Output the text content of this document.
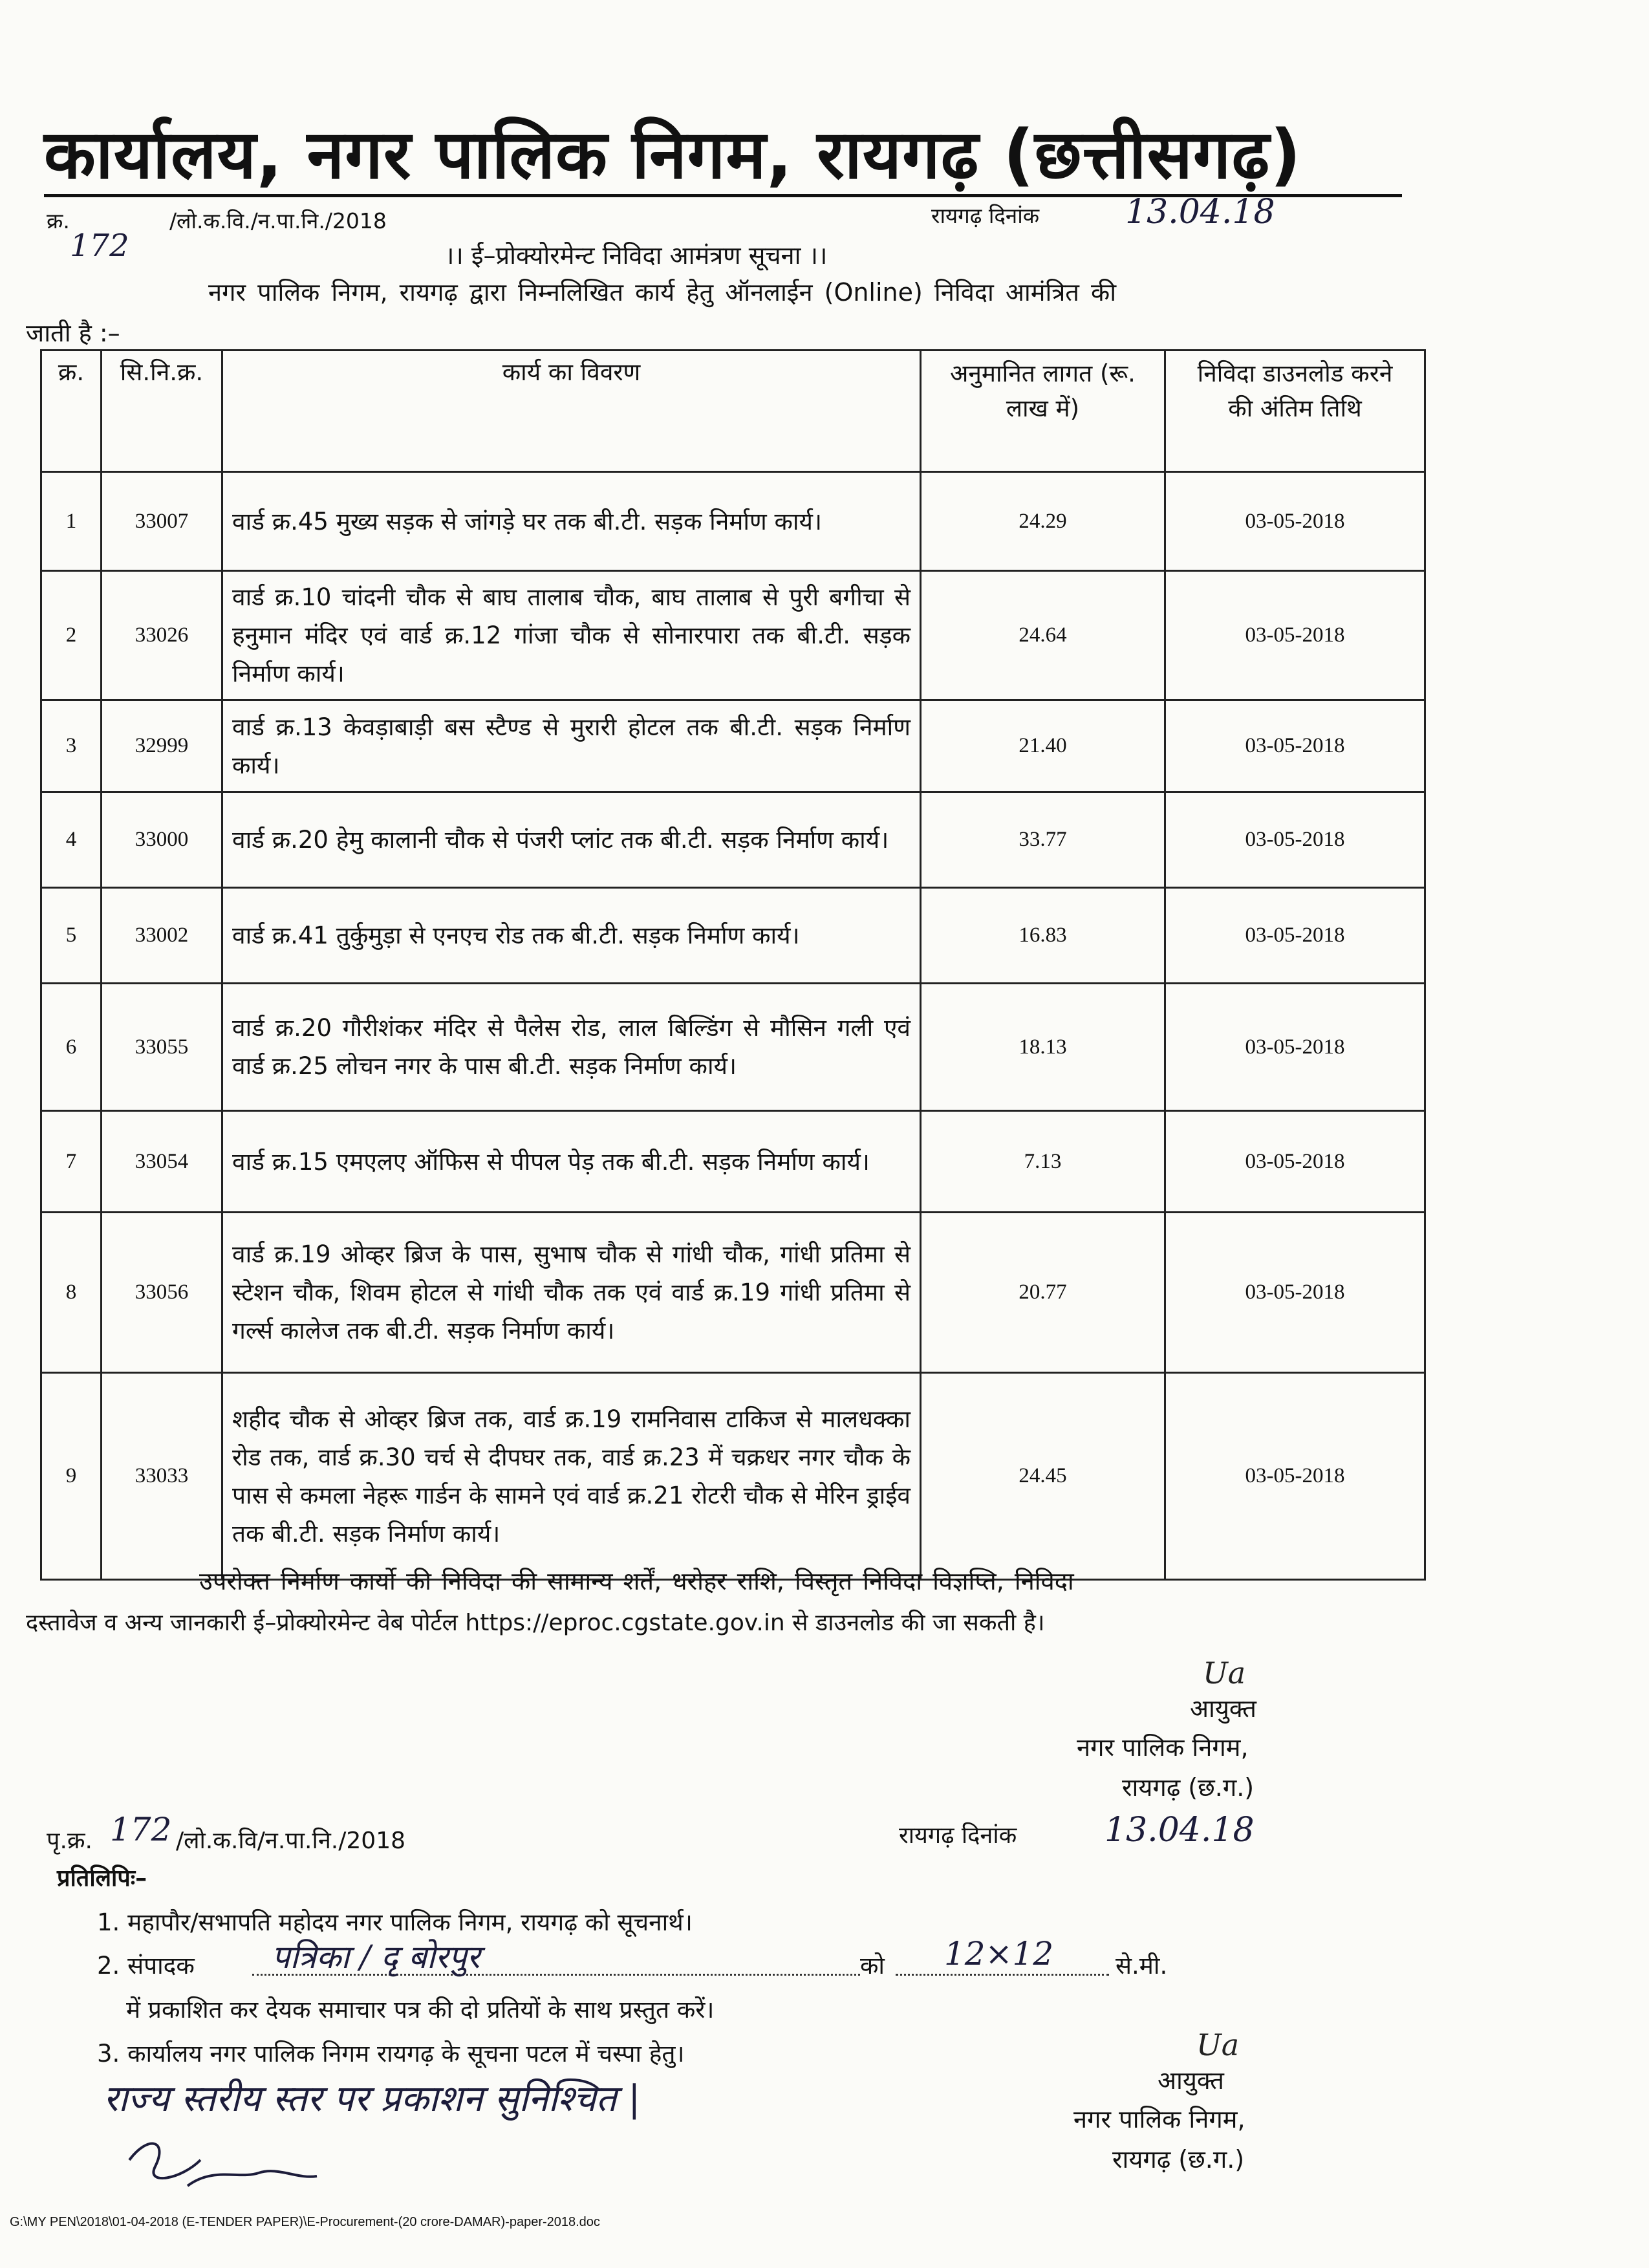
कार्यालय, नगर पालिक निगम, रायगढ़ (छत्तीसगढ़)
क्र.	/लो.क.वि./न.पा.नि./2018	रायगढ़ दिनांक	13.04.18
172	।। ई–प्रोक्योरमेन्ट निविदा आमंत्रण सूचना ।।
नगर पालिक निगम, रायगढ़ द्वारा निम्नलिखित कार्य हेतु ऑनलाईन (Online) निविदा आमंत्रित की
जाती है :–
क्र.	सि.नि.क्र.	कार्य का विवरण	अनुमानित लागत (रू. लाख में)	निविदा डाउनलोड करने की अंतिम तिथि
1	33007	वार्ड क्र.45 मुख्य सड़क से जांगड़े घर तक बी.टी. सड़क निर्माण कार्य।	24.29	03-05-2018
2	33026	वार्ड क्र.10 चांदनी चौक से बाघ तालाब चौक, बाघ तालाब से पुरी बगीचा से हनुमान मंदिर एवं वार्ड क्र.12 गांजा चौक से सोनारपारा तक बी.टी. सड़क निर्माण कार्य।	24.64	03-05-2018
3	32999	वार्ड क्र.13 केवड़ाबाड़ी बस स्टैण्ड से मुरारी होटल तक बी.टी. सड़क निर्माण कार्य।	21.40	03-05-2018
4	33000	वार्ड क्र.20 हेमु कालानी चौक से पंजरी प्लांट तक बी.टी. सड़क निर्माण कार्य।	33.77	03-05-2018
5	33002	वार्ड क्र.41 तुर्कुमुड़ा से एनएच रोड तक बी.टी. सड़क निर्माण कार्य।	16.83	03-05-2018
6	33055	वार्ड क्र.20 गौरीशंकर मंदिर से पैलेस रोड, लाल बिल्डिंग से मौसिन गली एवं वार्ड क्र.25 लोचन नगर के पास बी.टी. सड़क निर्माण कार्य।	18.13	03-05-2018
7	33054	वार्ड क्र.15 एमएलए ऑफिस से पीपल पेड़ तक बी.टी. सड़क निर्माण कार्य।	7.13	03-05-2018
8	33056	वार्ड क्र.19 ओव्हर ब्रिज के पास, सुभाष चौक से गांधी चौक, गांधी प्रतिमा से स्टेशन चौक, शिवम होटल से गांधी चौक तक एवं वार्ड क्र.19 गांधी प्रतिमा से गर्ल्स कालेज तक बी.टी. सड़क निर्माण कार्य।	20.77	03-05-2018
9	33033	शहीद चौक से ओव्हर ब्रिज तक, वार्ड क्र.19 रामनिवास टाकिज से मालधक्का रोड तक, वार्ड क्र.30 चर्च से दीपघर तक, वार्ड क्र.23 में चक्रधर नगर चौक के पास से कमला नेहरू गार्डन के सामने एवं वार्ड क्र.21 रोटरी चौक से मेरिन ड्राईव तक बी.टी. सड़क निर्माण कार्य।	24.45	03-05-2018
उपरोक्त निर्माण कार्यो की निविदा की सामान्य शर्तें, धरोहर राशि, विस्तृत निविदा विज्ञप्ति, निविदा
दस्तावेज व अन्य जानकारी ई–प्रोक्योरमेन्ट वेब पोर्टल https://eproc.cgstate.gov.in से डाउनलोड की जा सकती है।
Ua
आयुक्त
नगर पालिक निगम,
रायगढ़ (छ.ग.)
पृ.क्र. 172 /लो.क.वि/न.पा.नि./2018	रायगढ़ दिनांक	13.04.18
प्रतिलिपिः–
1. महापौर/सभापति महोदय नगर पालिक निगम, रायगढ़ को सूचनार्थ।
2. संपादक पत्रिका / दृ बोरपुर	को 12×12	से.मी.
में प्रकाशित कर देयक समाचार पत्र की दो प्रतियों के साथ प्रस्तुत करें।
3. कार्यालय नगर पालिक निगम रायगढ़ के सूचना पटल में चस्पा हेतु।
राज्य स्तरीय स्तर पर प्रकाशन सुनिश्चित |
Ua
आयुक्त
नगर पालिक निगम,
रायगढ़ (छ.ग.)
G:\MY PEN\2018\01-04-2018 (E-TENDER PAPER)\E-Procurement-(20 crore-DAMAR)-paper-2018.doc
